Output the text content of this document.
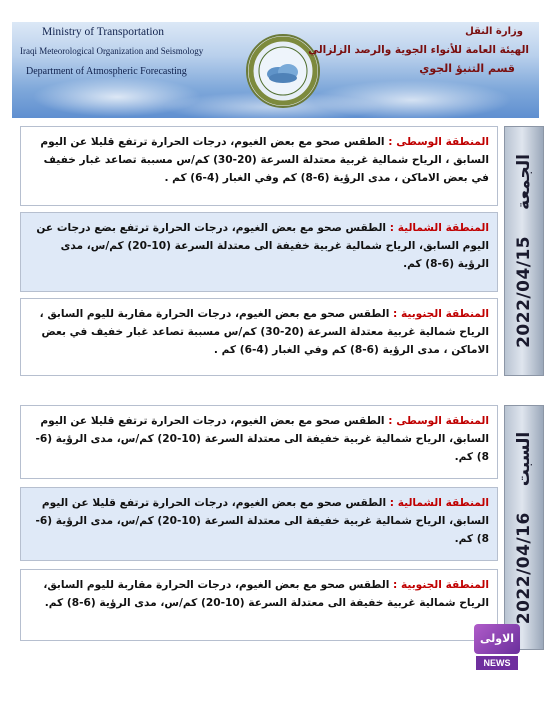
Ministry of Transportation
Iraqi Meteorological Organization and Seismology
Department of Atmospheric Forecasting
وزارة النقل
الهيئة العامة للأنواء الجوية والرصد الزلزالي
قسم التنبؤ الجوي
المنطقة الوسطى : الطقس صحو مع بعض الغيوم، درجات الحرارة ترتفع قليلا عن اليوم السابق ، الرياح شمالية غربية معتدلة السرعة (20-30) كم/س مسببة تصاعد غبار خفيف في بعض الاماكن ، مدى الرؤية (6-8) كم وفي الغبار (4-6) كم .
المنطقة الشمالية : الطقس صحو مع بعض الغيوم، درجات الحرارة ترتفع بضع درجات عن اليوم السابق، الرياح شمالية غربية خفيفة الى معتدلة السرعة (10-20) كم/س، مدى الرؤية (6-8) كم.
المنطقة الجنوبية : الطقس صحو مع بعض الغيوم، درجات الحرارة مقاربة لليوم السابق ، الرياح شمالية غربية معتدلة السرعة (20-30) كم/س مسببة تصاعد غبار خفيف في بعض الاماكن ، مدى الرؤية (6-8) كم وفي الغبار (4-6) كم .
2022/04/15
الجمعة
المنطقة الوسطى : الطقس صحو مع بعض الغيوم، درجات الحرارة ترتفع قليلا عن اليوم السابق، الرياح شمالية غربية خفيفة الى معتدلة السرعة (10-20) كم/س، مدى الرؤية (6-8) كم.
المنطقة الشمالية : الطقس صحو مع بعض الغيوم، درجات الحرارة ترتفع قليلا عن اليوم السابق، الرياح شمالية غربية خفيفة الى معتدلة السرعة (10-20) كم/س، مدى الرؤية (6-8) كم.
المنطقة الجنوبية : الطقس صحو مع بعض الغيوم، درجات الحرارة مقاربة لليوم السابق، الرياح شمالية غربية خفيفة الى معتدلة السرعة (10-20) كم/س، مدى الرؤية (6-8) كم.	2022/04/16
السبت
الاولى
NEWS
